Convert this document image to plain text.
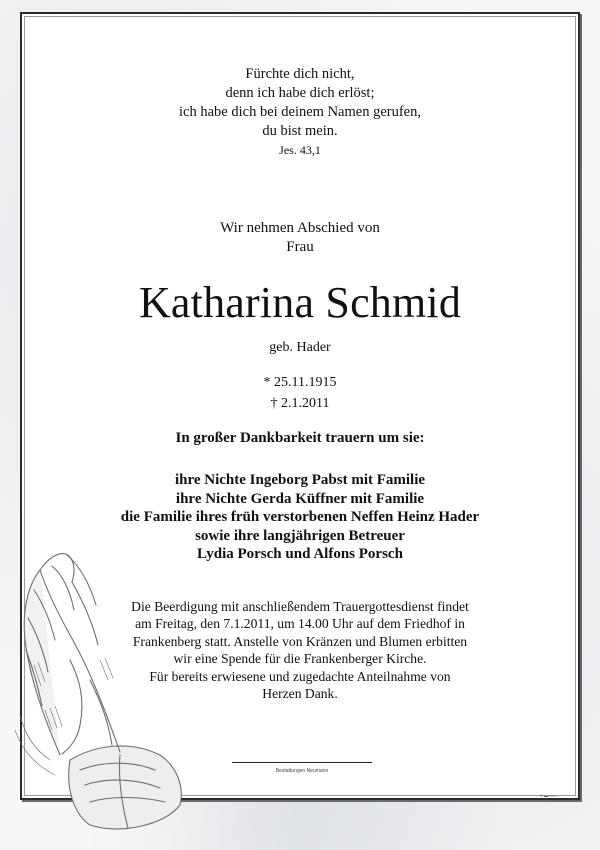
Fürchte dich nicht,
denn ich habe dich erlöst;
ich habe dich bei deinem Namen gerufen,
du bist mein.
Jes. 43,1
Wir nehmen Abschied von
Frau
Katharina Schmid
geb. Hader
* 25.11.1915
† 2.1.2011
In großer Dankbarkeit trauern um sie:
ihre Nichte Ingeborg Pabst mit Familie
ihre Nichte Gerda Küffner mit Familie
die Familie ihres früh verstorbenen Neffen Heinz Hader
sowie ihre langjährigen Betreuer
Lydia Porsch und Alfons Porsch
Die Beerdigung mit anschließendem Trauergottesdienst findet
am Freitag, den 7.1.2011, um 14.00 Uhr auf dem Friedhof in
Frankenberg statt. Anstelle von Kränzen und Blumen erbitten
wir eine Spende für die Frankenberger Kirche.
Für bereits erwiesene und zugedachte Anteilnahme von
Herzen Dank.
Bestattungen Neumann
© ▬ ▭▭
